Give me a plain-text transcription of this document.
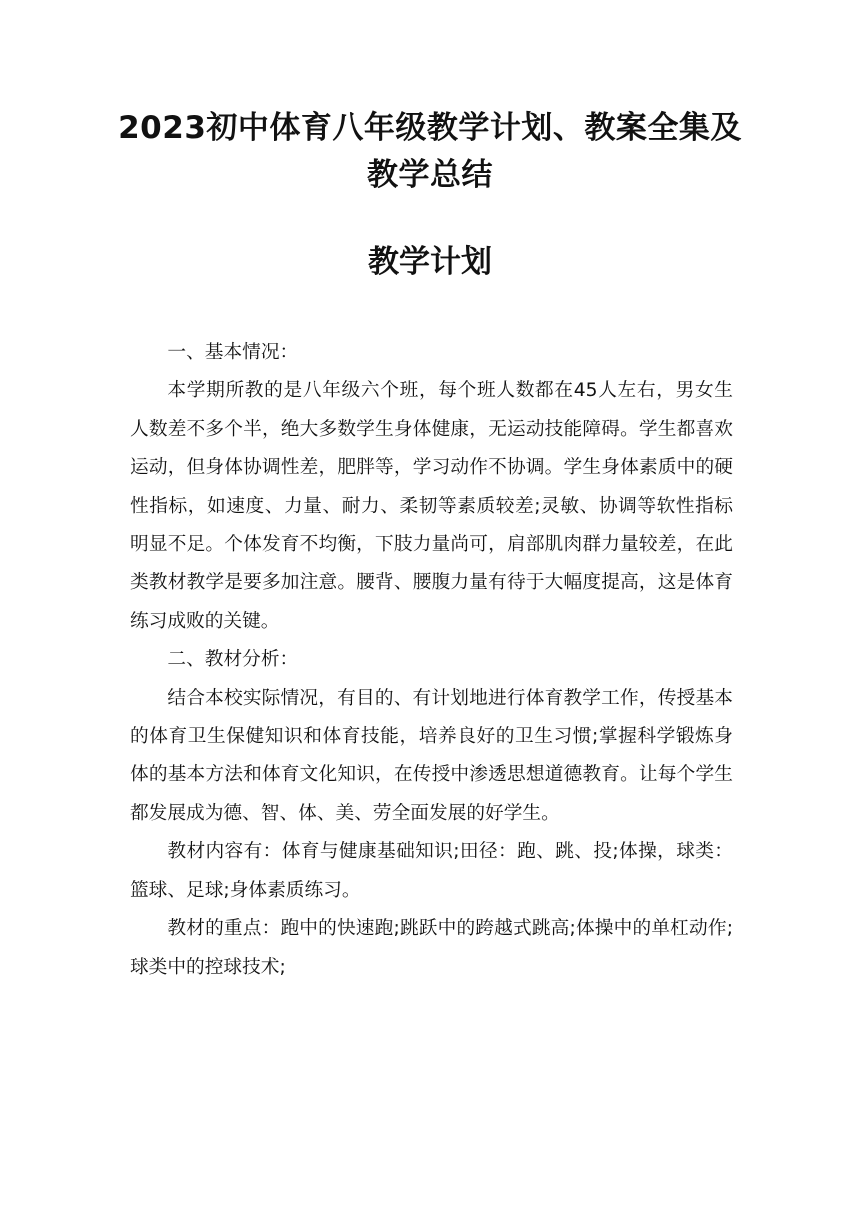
2023初中体育八年级教学计划、教案全集及
教学总结
教学计划

一、基本情况：

本学期所教的是八年级六个班，每个班人数都在45人左右，男女生人数差不多个半，绝大多数学生身体健康，无运动技能障碍。学生都喜欢运动，但身体协调性差，肥胖等，学习动作不协调。学生身体素质中的硬性指标，如速度、力量、耐力、柔韧等素质较差;灵敏、协调等软性指标明显不足。个体发育不均衡，下肢力量尚可，肩部肌肉群力量较差，在此类教材教学是要多加注意。腰背、腰腹力量有待于大幅度提高，这是体育练习成败的关键。

二、教材分析：

结合本校实际情况，有目的、有计划地进行体育教学工作，传授基本的体育卫生保健知识和体育技能，培养良好的卫生习惯;掌握科学锻炼身体的基本方法和体育文化知识，在传授中渗透思想道德教育。让每个学生都发展成为德、智、体、美、劳全面发展的好学生。

教材内容有：体育与健康基础知识;田径：跑、跳、投;体操，球类：篮球、足球;身体素质练习。

教材的重点：跑中的快速跑;跳跃中的跨越式跳高;体操中的单杠动作;球类中的控球技术;
